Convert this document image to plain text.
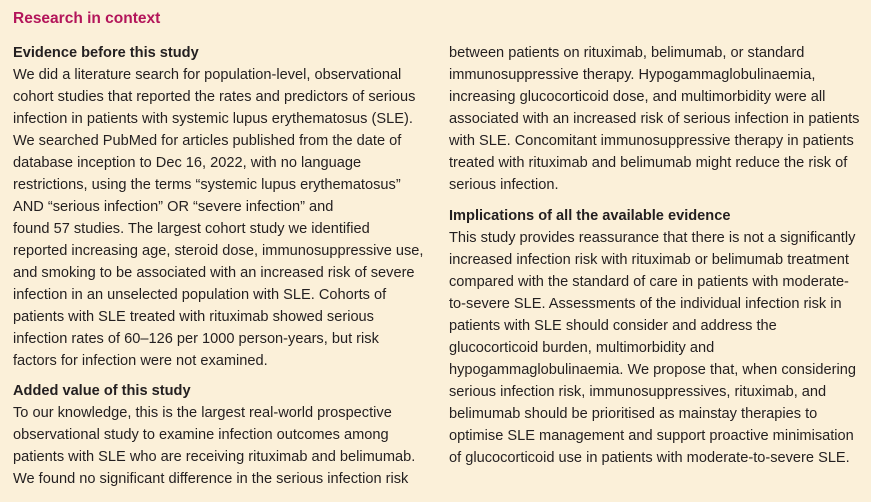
Research in context
Evidence before this study
We did a literature search for population-level, observational
cohort studies that reported the rates and predictors of serious
infection in patients with systemic lupus erythematosus (SLE).
We searched PubMed for articles published from the date of
database inception to Dec 16, 2022, with no language
restrictions, using the terms “systemic lupus erythematosus”
AND “serious infection” OR “severe infection” and
found 57 studies. The largest cohort study we identified
reported increasing age, steroid dose, immunosuppressive use,
and smoking to be associated with an increased risk of severe
infection in an unselected population with SLE. Cohorts of
patients with SLE treated with rituximab showed serious
infection rates of 60–126 per 1000 person-years, but risk
factors for infection were not examined.
Added value of this study
To our knowledge, this is the largest real-world prospective
observational study to examine infection outcomes among
patients with SLE who are receiving rituximab and belimumab.
We found no significant difference in the serious infection risk
between patients on rituximab, belimumab, or standard
immunosuppressive therapy. Hypogammaglobulinaemia,
increasing glucocorticoid dose, and multimorbidity were all
associated with an increased risk of serious infection in patients
with SLE. Concomitant immunosuppressive therapy in patients
treated with rituximab and belimumab might reduce the risk of
serious infection.
Implications of all the available evidence
This study provides reassurance that there is not a significantly
increased infection risk with rituximab or belimumab treatment
compared with the standard of care in patients with moderate-
to-severe SLE. Assessments of the individual infection risk in
patients with SLE should consider and address the
glucocorticoid burden, multimorbidity and
hypogammaglobulinaemia. We propose that, when considering
serious infection risk, immunosuppressives, rituximab, and
belimumab should be prioritised as mainstay therapies to
optimise SLE management and support proactive minimisation
of glucocorticoid use in patients with moderate-to-severe SLE.
